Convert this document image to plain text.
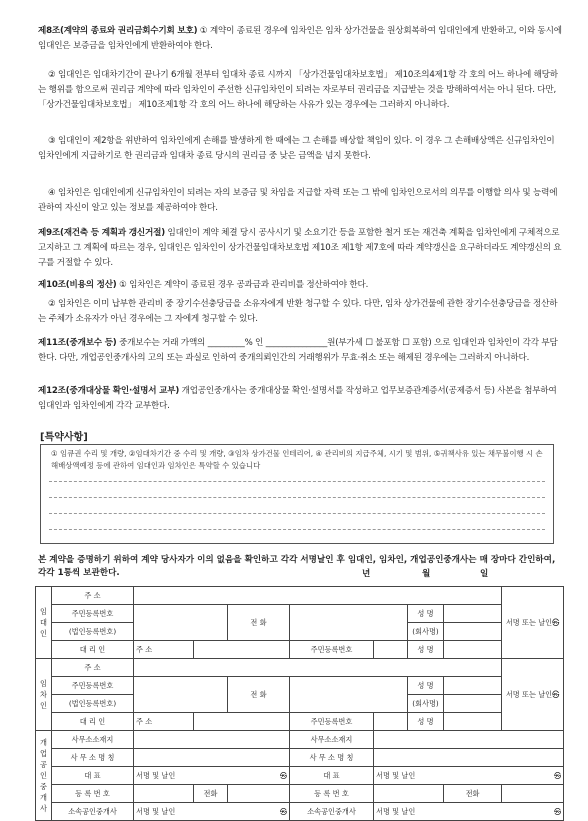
제8조(계약의 종료와 권리금회수기회 보호) ① 계약이 종료된 경우에 임차인은 임차 상가건물을 원상회복하여 임대인에게 반환하고, 이와 동시에 임대인은 보증금을 임차인에게 반환하여야 한다.

② 임대인은 임대차기간이 끝나기 6개월 전부터 임대차 종료 시까지 「상가건물임대차보호법」 제10조의4제1항 각 호의 어느 하나에 해당하는 행위를 함으로써 권리금 계약에 따라 임차인이 주선한 신규임차인이 되려는 자로부터 권리금을 지급받는 것을 방해하여서는 아니 된다. 다만, 「상가건물임대차보호법」 제10조제1항 각 호의 어느 하나에 해당하는 사유가 있는 경우에는 그러하지 아니하다.

③ 임대인이 제2항을 위반하여 임차인에게 손해를 발생하게 한 때에는 그 손해를 배상할 책임이 있다. 이 경우 그 손해배상액은 신규임차인이 임차인에게 지급하기로 한 권리금과 임대차 종료 당시의 권리금 중 낮은 금액을 넘지 못한다.

④ 임차인은 임대인에게 신규임차인이 되려는 자의 보증금 및 차임을 지급할 자력 또는 그 밖에 임차인으로서의 의무를 이행할 의사 및 능력에 관하여 자신이 알고 있는 정보를 제공하여야 한다.

제9조(재건축 등 계획과 갱신거절) 임대인이 계약 체결 당시 공사시기 및 소요기간 등을 포함한 철거 또는 재건축 계획을 임차인에게 구체적으로 고지하고 그 계획에 따르는 경우, 임대인은 임차인이 상가건물임대차보호법 제10조 제1항 제7호에 따라 계약갱신을 요구하더라도 계약갱신의 요구를 거절할 수 있다.

제10조(비용의 정산) ① 임차인은 계약이 종료된 경우 공과금과 관리비를 정산하여야 한다.

② 임차인은 이미 납부한 관리비 중 장기수선충당금을 소유자에게 반환 청구할 수 있다. 다만, 임차 상가건물에 관한 장기수선충당금을 정산하는 주체가 소유자가 아닌 경우에는 그 자에게 청구할 수 있다.

제11조(중개보수 등) 중개보수는 거래 가액의 _________% 인 _______________원(부가세 ☐ 불포함 ☐ 포함) 으로 임대인과 임차인이 각각 부담한다. 다만, 개업공인중개사의 고의 또는 과실로 인하여 중개의뢰인간의 거래행위가 무효·취소 또는 해제된 경우에는 그러하지 아니하다.

제12조(중개대상물 확인·설명서 교부) 개업공인중개사는 중개대상물 확인·설명서를 작성하고 업무보증관계증서(공제증서 등) 사본을 첨부하여 임대인과 임차인에게 각각 교부한다.

[특약사항]
① 임큐권 수리 및 개량, ②임대차기간 중 수리 및 개량, ③임차 상가건물 인테리어, ④ 관리비의 지급주체, 시기 및 범위, ⑤귀책사유 있는 채무불이행 시 손해배상액예정 등에 관하여 임대인과 임차인은 특약할 수 있습니다
본 계약을 증명하기 위하여 계약 당사자가 이의 없음을 확인하고 각각 서명날인 후 임대인, 임차인, 개업공인중개사는 매 장마다 간인하여, 각각 1통씩 보관한다.	년	월	일
임대인	주 소								서명 또는 날인㉿
	주민등록번호			전 화			성 명		
	(법인등록번호)						(회사명)		
	대 리 인	주 소			주민등록번호		성 명		
임차인	주 소								서명 또는 날인㉿
	주민등록번호			전 화			성 명		
	(법인등록번호)						(회사명)		
	대 리 인	주 소			주민등록번호		성 명		
개업공인중개사	사무소소재지				사무소소재지				
	사 무 소 명 칭				사 무 소 명 칭				
	대 표	서명 및 날인 ㉿			대 표	서명 및 날인 ㉿			

	등 록 번 호		전화		등 록 번 호			전화	
	소속공인중개사	서명 및 날인 ㉿			소속공인중개사	서명 및 날인 ㉿			
